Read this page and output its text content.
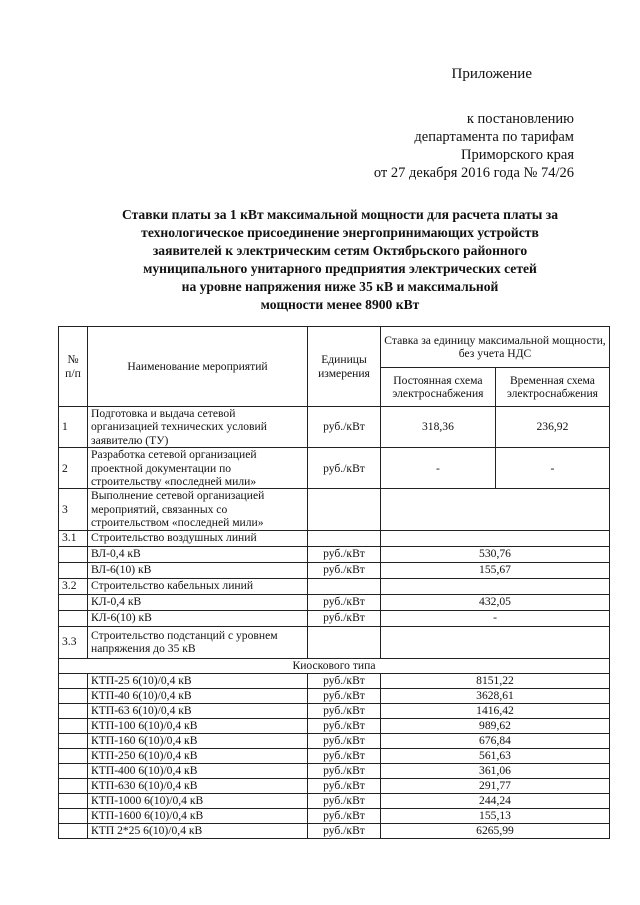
Приложение
к постановлению
департамента по тарифам
Приморского края
от 27 декабря 2016 года № 74/26
Ставки платы за 1 кВт максимальной мощности для расчета платы за
технологическое присоединение энергопринимающих устройств
заявителей к электрическим сетям Октябрьского районного
муниципального унитарного предприятия электрических сетей
на уровне напряжения ниже 35 кВ и максимальной
мощности менее 8900 кВт
№ п/п	Наименование мероприятий	Единицы измерения	Ставка за единицу максимальной мощности, без учета НДС	
			Постоянная схема электроснабжения	Временная схема электроснабжения
1	Подготовка и выдача сетевой организацией технических условий заявителю (ТУ)	руб./кВт	318,36	236,92
2	Разработка сетевой организацией проектной документации по строительству «последней мили»	руб./кВт	-	-
3	Выполнение сетевой организацией мероприятий, связанных со строительством «последней мили»			
3.1	Строительство воздушных линий			
	ВЛ-0,4 кВ	руб./кВт	530,76	
	ВЛ-6(10) кВ	руб./кВт	155,67	
3.2	Строительство кабельных линий			
	КЛ-0,4 кВ	руб./кВт	432,05	
	КЛ-6(10) кВ	руб./кВт	-	
3.3	Строительство подстанций с уровнем напряжения до 35 кВ			
Киоскового типа				
	КТП-25 6(10)/0,4 кВ	руб./кВт	8151,22	
	КТП-40 6(10)/0,4 кВ	руб./кВт	3628,61	
	КТП-63 6(10)/0,4 кВ	руб./кВт	1416,42	
	КТП-100 6(10)/0,4 кВ	руб./кВт	989,62	
	КТП-160 6(10)/0,4 кВ	руб./кВт	676,84	
	КТП-250 6(10)/0,4 кВ	руб./кВт	561,63	
	КТП-400 6(10)/0,4 кВ	руб./кВт	361,06	
	КТП-630 6(10)/0,4 кВ	руб./кВт	291,77	
	КТП-1000 6(10)/0,4 кВ	руб./кВт	244,24	
	КТП-1600 6(10)/0,4 кВ	руб./кВт	155,13	
	КТП 2*25 6(10)/0,4 кВ	руб./кВт	6265,99	
